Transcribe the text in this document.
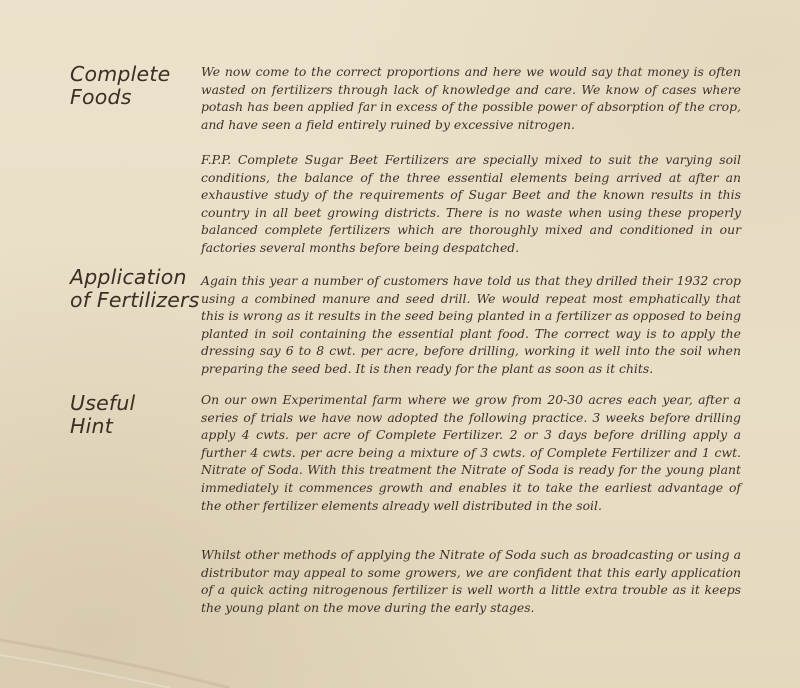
Complete
Foods
Application
of Fertilizers
Useful
Hint

We now come to the correct proportions and here we would say that money is often wasted on fertilizers through lack of knowledge and care. We know of cases where potash has been applied far in excess of the possible power of absorption of the crop, and have seen a field entirely ruined by excessive nitrogen.

F.P.P. Complete Sugar Beet Fertilizers are specially mixed to suit the varying soil conditions, the balance of the three essential elements being arrived at after an exhaustive study of the requirements of Sugar Beet and the known results in this country in all beet growing districts. There is no waste when using these properly balanced complete fertilizers which are thoroughly mixed and conditioned in our factories several months before being despatched.

Again this year a number of customers have told us that they drilled their 1932 crop using a combined manure and seed drill. We would repeat most emphatically that this is wrong as it results in the seed being planted in a fertilizer as opposed to being planted in soil containing the essential plant food. The correct way is to apply the dressing say 6 to 8 cwt. per acre, before drilling, working it well into the soil when preparing the seed bed. It is then ready for the plant as soon as it chits.

On our own Experimental farm where we grow from 20-30 acres each year, after a series of trials we have now adopted the following practice. 3 weeks before drilling apply 4 cwts. per acre of Complete Fertilizer. 2 or 3 days before drilling apply a further 4 cwts. per acre being a mixture of 3 cwts. of Complete Fertilizer and 1 cwt. Nitrate of Soda. With this treatment the Nitrate of Soda is ready for the young plant immediately it commences growth and enables it to take the earliest advantage of the other fertilizer elements already well distributed in the soil.

Whilst other methods of applying the Nitrate of Soda such as broadcasting or using a distributor may appeal to some growers, we are confident that this early application of a quick acting nitrogenous fertilizer is well worth a little extra trouble as it keeps the young plant on the move during the early stages.
